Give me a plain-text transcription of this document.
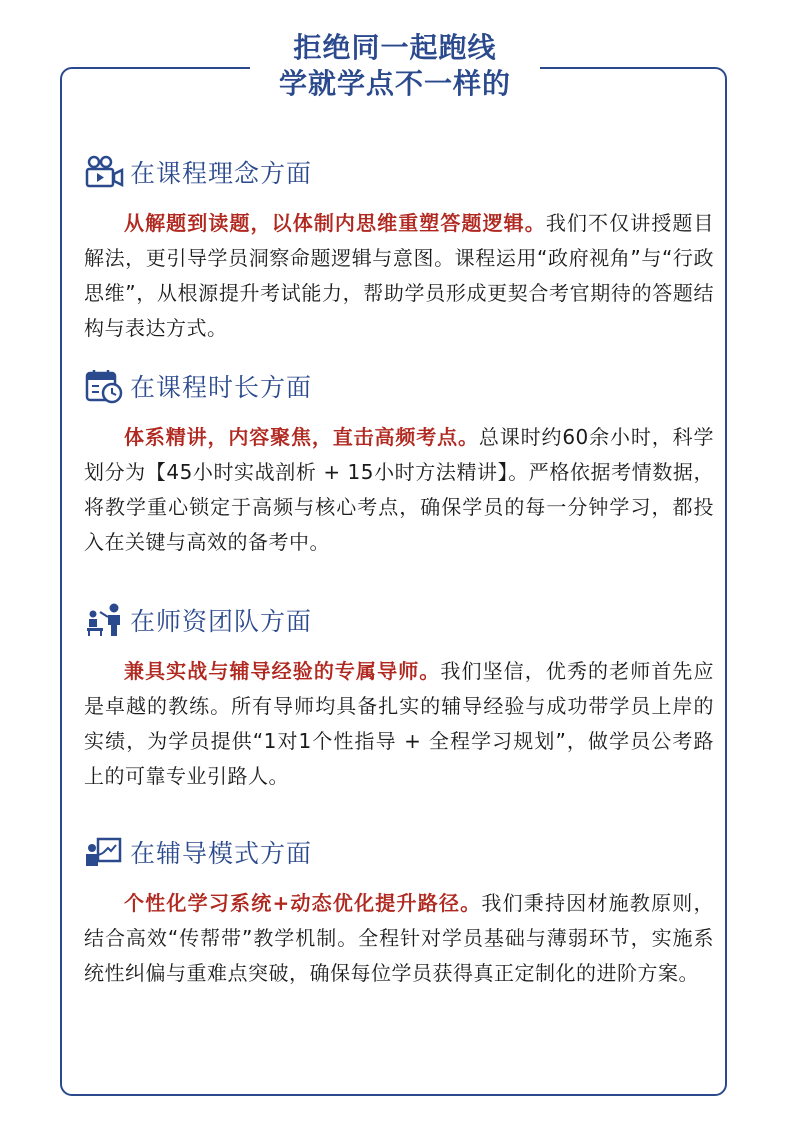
拒绝同一起跑线
学就学点不一样的
在课程理念方面

从解题到读题，以体制内思维重塑答题逻辑。我们不仅讲授题目解法，更引导学员洞察命题逻辑与意图。课程运用“政府视角”与“行政思维”，从根源提升考试能力，帮助学员形成更契合考官期待的答题结构与表达方式。

在课程时长方面

体系精讲，内容聚焦，直击高频考点。总课时约60余小时，科学划分为【45小时实战剖析 + 15小时方法精讲】。严格依据考情数据，将教学重心锁定于高频与核心考点，确保学员的每一分钟学习，都投入在关键与高效的备考中。

在师资团队方面

兼具实战与辅导经验的专属导师。我们坚信，优秀的老师首先应是卓越的教练。所有导师均具备扎实的辅导经验与成功带学员上岸的实绩，为学员提供“1对1个性指导 + 全程学习规划”，做学员公考路上的可靠专业引路人。

在辅导模式方面

个性化学习系统+动态优化提升路径。我们秉持因材施教原则，结合高效“传帮带”教学机制。全程针对学员基础与薄弱环节，实施系统性纠偏与重难点突破，确保每位学员获得真正定制化的进阶方案。
